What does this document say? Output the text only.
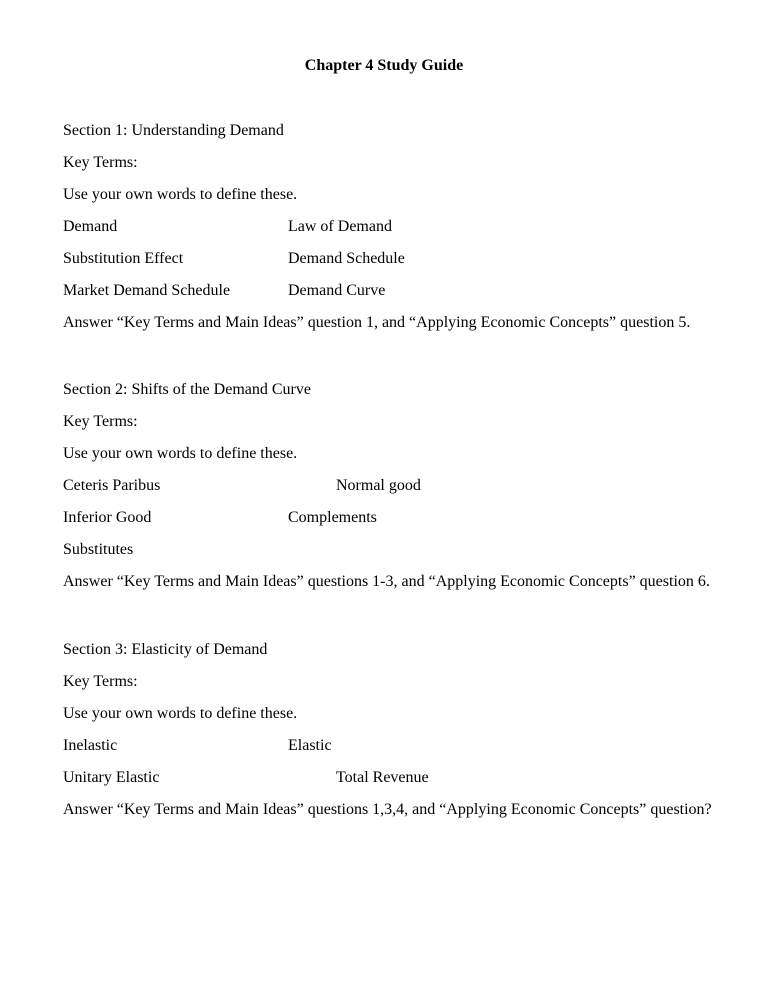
Chapter 4 Study Guide
Section 1: Understanding Demand
Key Terms:
Use your own words to define these.
Demand	Law of Demand
Substitution Effect	Demand Schedule
Market Demand Schedule	Demand Curve
Answer “Key Terms and Main Ideas” question 1, and “Applying Economic Concepts” question 5.
Section 2: Shifts of the Demand Curve
Key Terms:
Use your own words to define these.
Ceteris Paribus	Normal good
Inferior Good	Complements
Substitutes
Answer “Key Terms and Main Ideas” questions 1-3, and “Applying Economic Concepts” question 6.
Section 3: Elasticity of Demand
Key Terms:
Use your own words to define these.
Inelastic	Elastic
Unitary Elastic	Total Revenue
Answer “Key Terms and Main Ideas” questions 1,3,4, and “Applying Economic Concepts” question?
